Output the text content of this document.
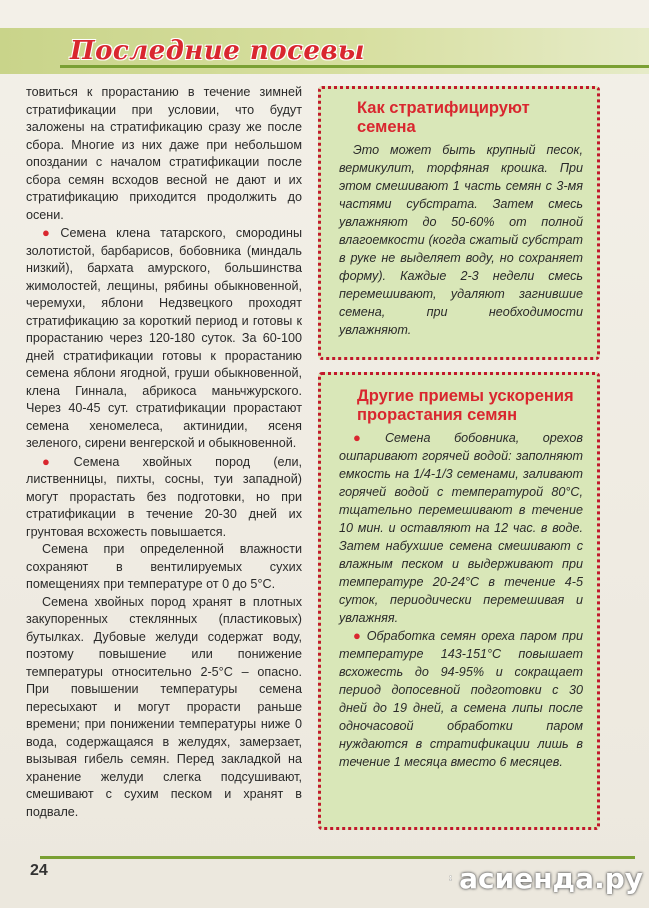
Последние посевы

товиться к прорастанию в течение зимней стратификации при условии, что будут заложены на стратификацию сразу же после сбора. Многие из них даже при небольшом опоздании с началом стратификации после сбора семян всходов весной не дают и их стратификацию приходится продолжить до осени.

● Семена клена татарского, смородины золотистой, барбарисов, бобовника (миндаль низкий), бархата амурского, большинства жимолостей, лещины, рябины обыкновенной, черемухи, яблони Недзвецкого проходят стратификацию за короткий период и готовы к прорастанию через 120-180 суток. За 60-100 дней стратификации готовы к прорастанию семена яблони ягодной, груши обыкновенной, клена Гиннала, абрикоса маньчжурского. Через 40-45 сут. стратификации прорастают семена хеномелеса, актинидии, ясеня зеленого, сирени венгерской и обыкновенной.

● Семена хвойных пород (ели, лиственницы, пихты, сосны, туи западной) могут прорастать без подготовки, но при стратификации в течение 20-30 дней их грунтовая всхожесть повышается.

Семена при определенной влажности сохраняют в вентилируемых сухих помещениях при температуре от 0 до 5°С.

Семена хвойных пород хранят в плотных закупоренных стеклянных (пластиковых) бутылках. Дубовые желуди содержат воду, поэтому повышение или понижение температуры относительно 2-5°С – опасно. При повышении температуры семена пересыхают и могут прорасти раньше времени; при понижении температуры ниже 0 вода, содержащаяся в желудях, замерзает, вызывая гибель семян. Перед закладкой на хранение желуди слегка подсушивают, смешивают с сухим песком и хранят в подвале.

Как стратифицируют семена

Это может быть крупный песок, вермикулит, торфяная крошка. При этом смешивают 1 часть семян с 3-мя частями субстрата. Затем смесь увлажняют до 50-60% от полной влагоемкости (когда сжатый субстрат в руке не выделяет воду, но сохраняет форму). Каждые 2-3 недели смесь перемешивают, удаляют загнившие семена, при необходимости увлажняют.

Другие приемы ускорения прорастания семян

● Семена бобовника, орехов ошпаривают горячей водой: заполняют емкость на 1/4-1/3 семенами, заливают горячей водой с температурой 80°С, тщательно перемешивают в течение 10 мин. и оставляют на 12 час. в воде. Затем набухшие семена смешивают с влажным песком и выдерживают при температуре 20-24°С в течение 4-5 суток, периодически перемешивая и увлажняя.

● Обработка семян ореха паром при температуре 143-151°С повышает всхожесть до 94-95% и сокращает период допосевной подготовки с 30 дней до 19 дней, а семена липы после одночасовой обработки паром нуждаются в стратификации лишь в течение 1 месяца вместо 6 месяцев.

24	асиенда.ру
